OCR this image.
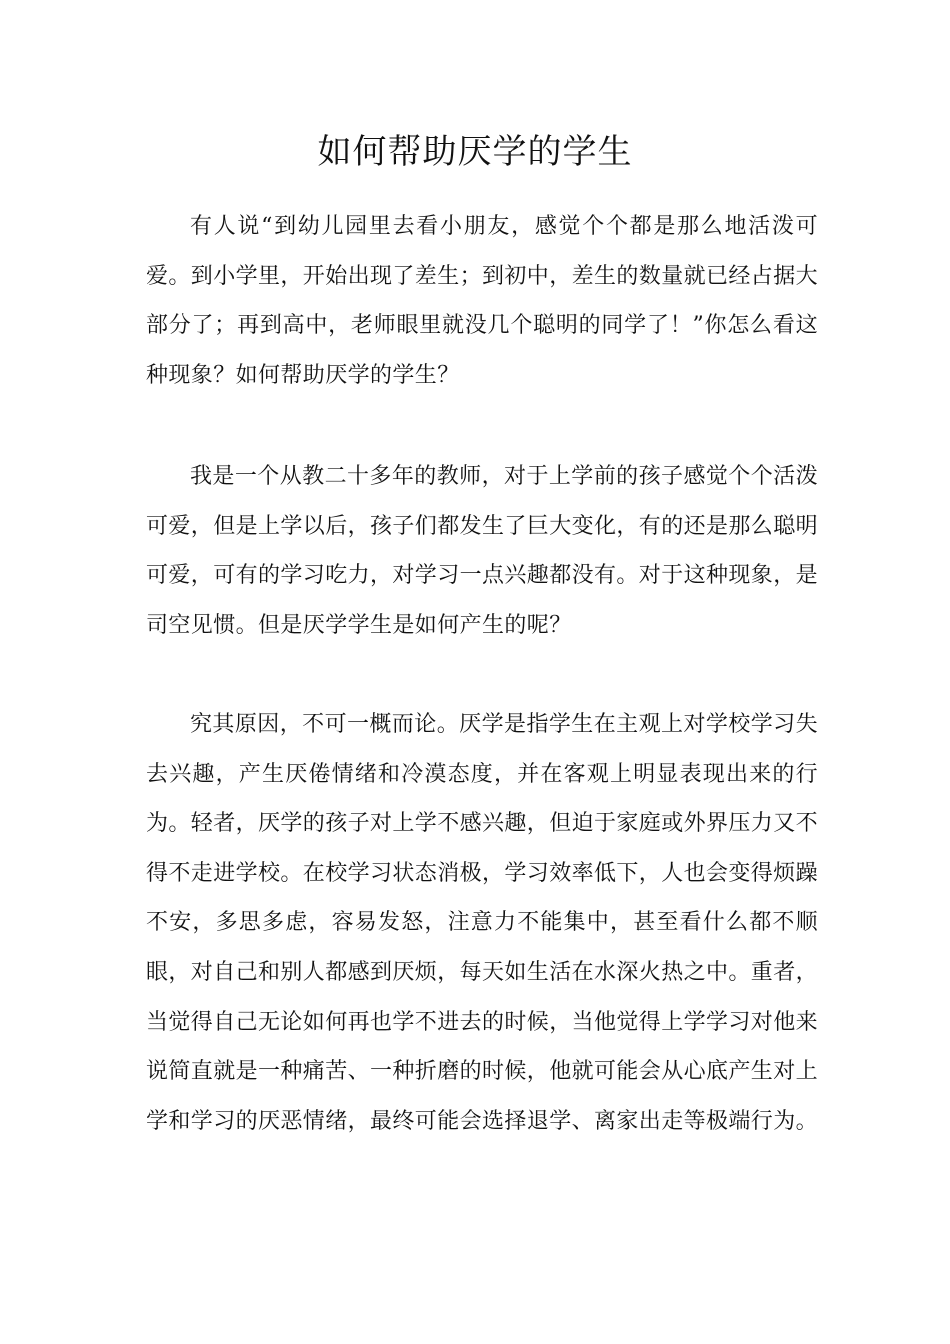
如何帮助厌学的学生

有人说“到幼儿园里去看小朋友，感觉个个都是那么地活泼可爱。到小学里，开始出现了差生；到初中，差生的数量就已经占据大部分了；再到高中，老师眼里就没几个聪明的同学了！”你怎么看这种现象？如何帮助厌学的学生？

我是一个从教二十多年的教师，对于上学前的孩子感觉个个活泼可爱，但是上学以后，孩子们都发生了巨大变化，有的还是那么聪明可爱，可有的学习吃力，对学习一点兴趣都没有。对于这种现象，是司空见惯。但是厌学学生是如何产生的呢？

究其原因，不可一概而论。厌学是指学生在主观上对学校学习失去兴趣，产生厌倦情绪和冷漠态度，并在客观上明显表现出来的行为。轻者，厌学的孩子对上学不感兴趣，但迫于家庭或外界压力又不得不走进学校。在校学习状态消极，学习效率低下，人也会变得烦躁不安，多思多虑，容易发怒，注意力不能集中，甚至看什么都不顺眼，对自己和别人都感到厌烦，每天如生活在水深火热之中。重者，当觉得自己无论如何再也学不进去的时候，当他觉得上学学习对他来说简直就是一种痛苦、一种折磨的时候，他就可能会从心底产生对上学和学习的厌恶情绪，最终可能会选择退学、离家出走等极端行为。
